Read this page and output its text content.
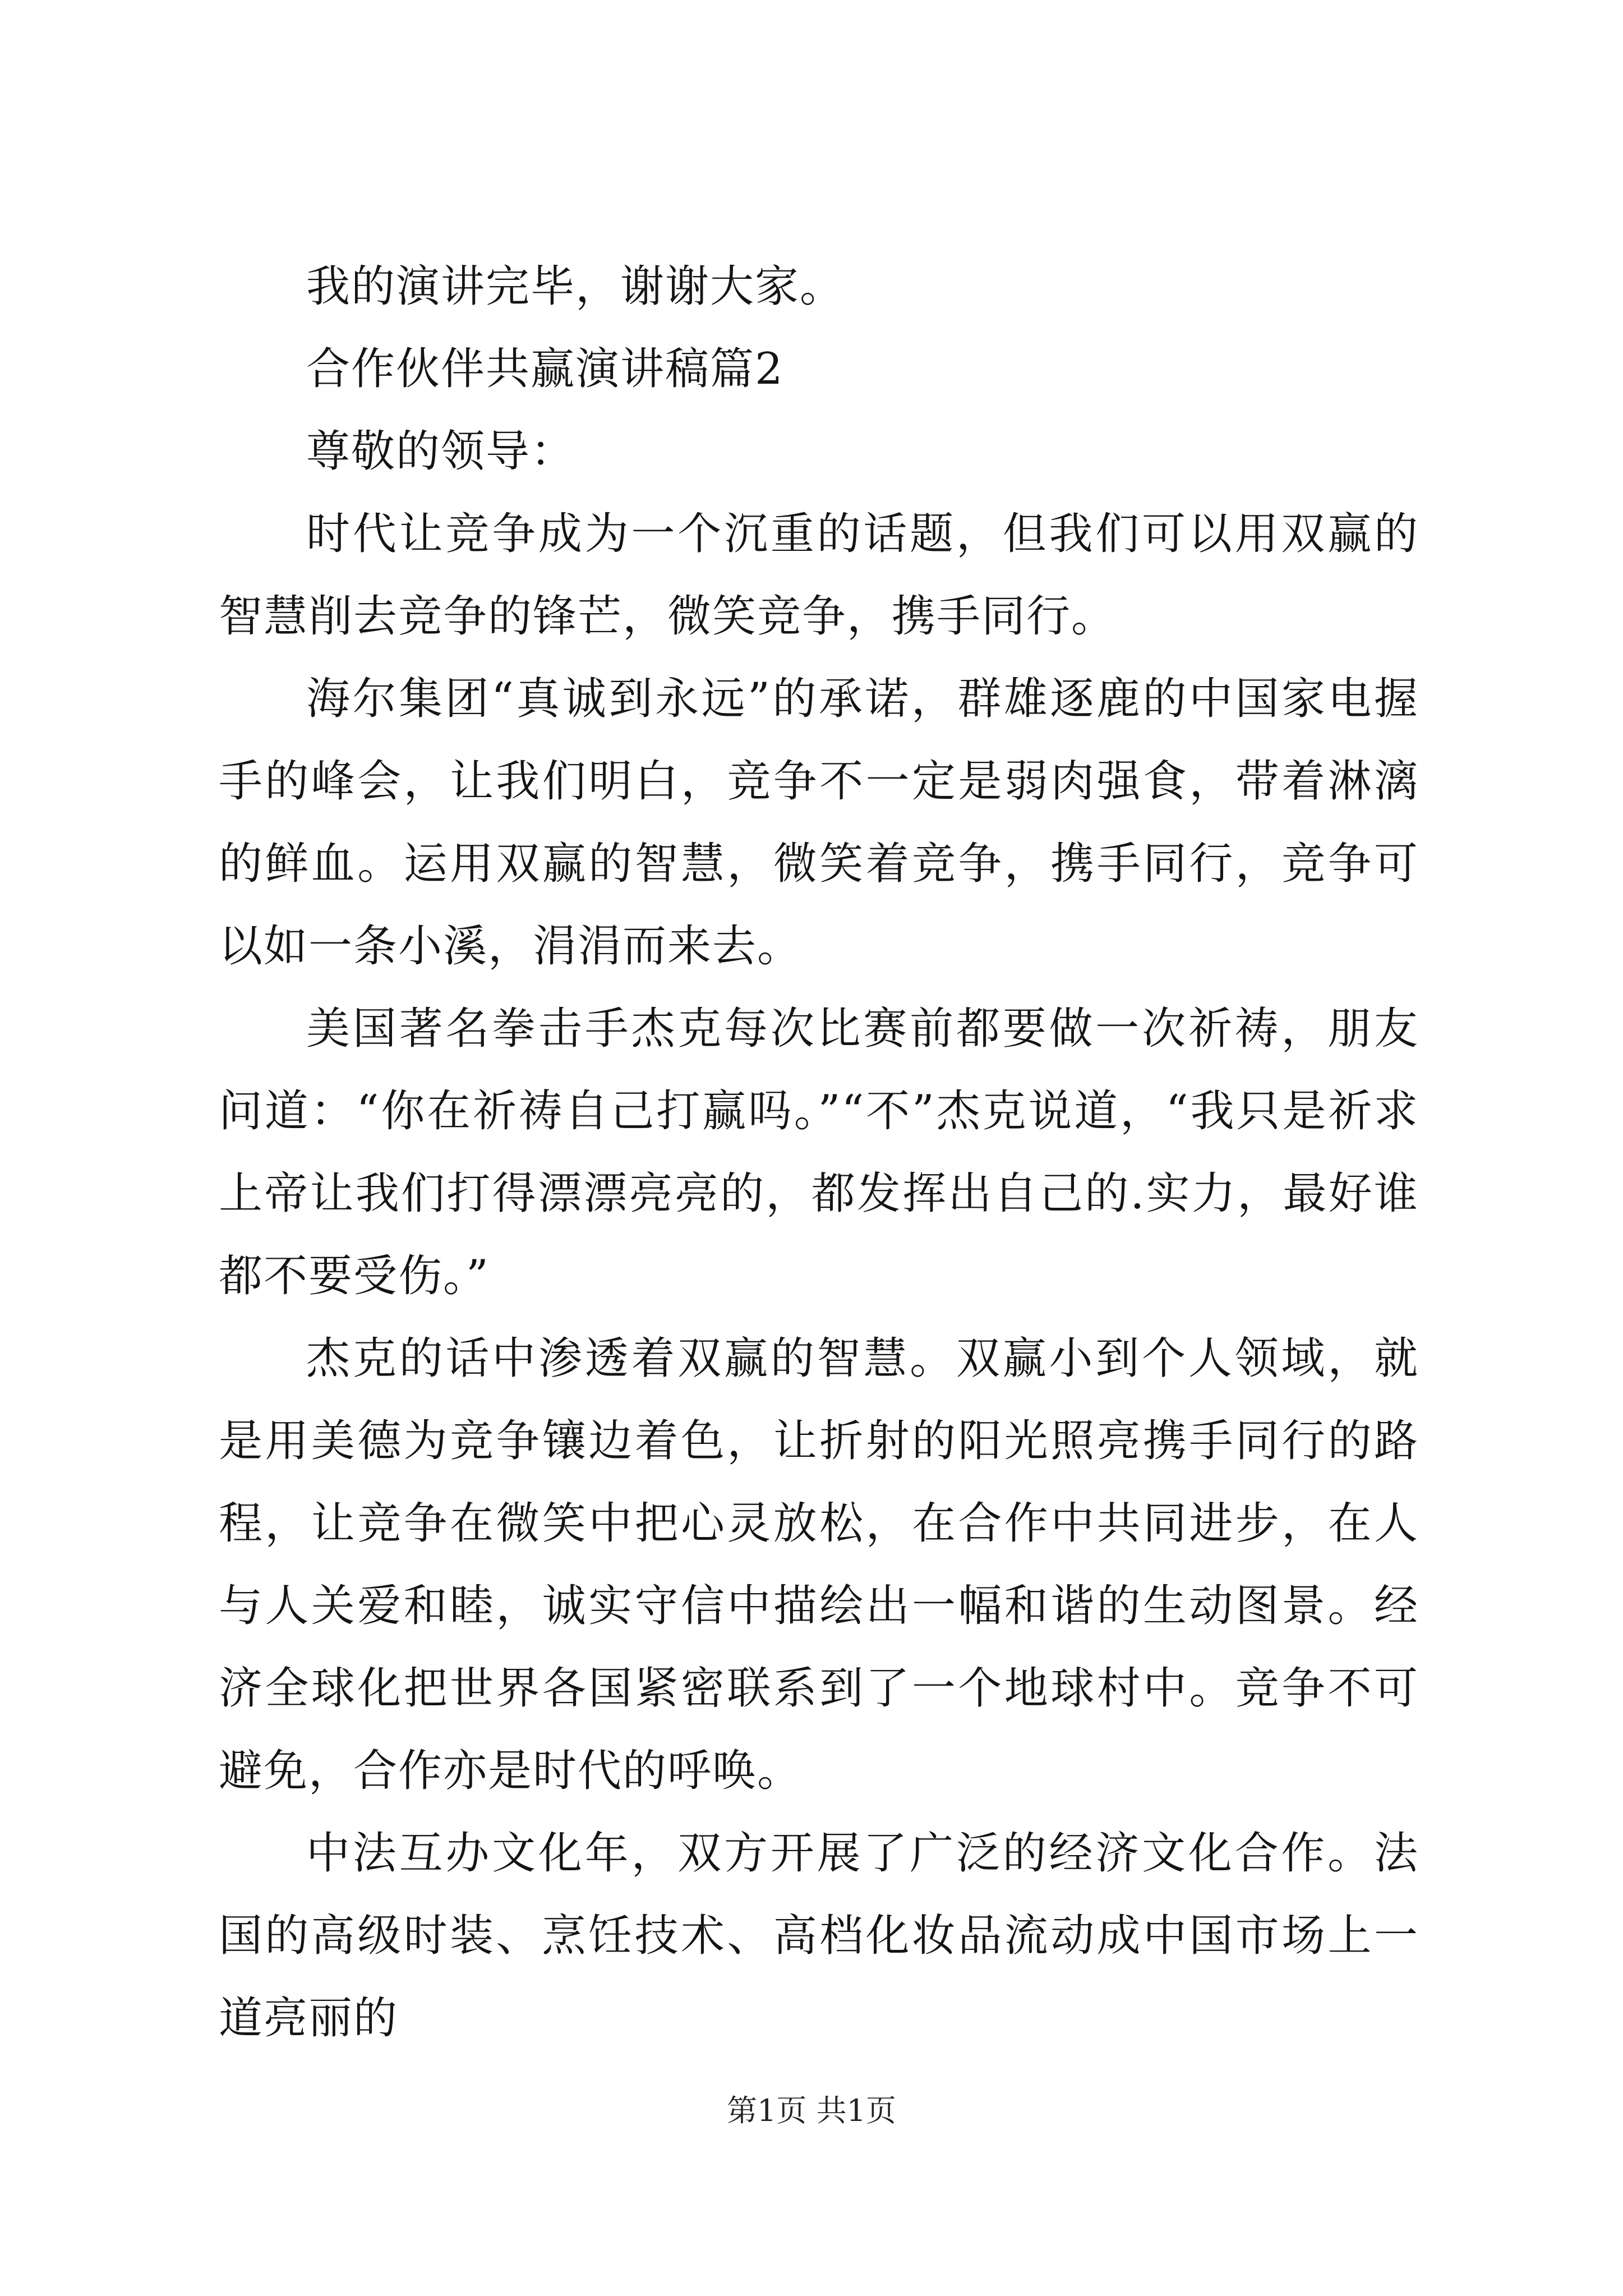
我的演讲完毕，谢谢大家。

合作伙伴共赢演讲稿篇2

尊敬的领导：

时代让竞争成为一个沉重的话题，但我们可以用双赢的智慧削去竞争的锋芒，微笑竞争，携手同行。

海尔集团“真诚到永远”的承诺，群雄逐鹿的中国家电握手的峰会，让我们明白，竞争不一定是弱肉强食，带着淋漓的鲜血。运用双赢的智慧，微笑着竞争，携手同行，竞争可以如一条小溪，涓涓而来去。

美国著名拳击手杰克每次比赛前都要做一次祈祷，朋友问道：“你在祈祷自己打赢吗。”“不”杰克说道，“我只是祈求上帝让我们打得漂漂亮亮的，都发挥出自己的.实力，最好谁都不要受伤。”

杰克的话中渗透着双赢的智慧。双赢小到个人领域，就是用美德为竞争镶边着色，让折射的阳光照亮携手同行的路程，让竞争在微笑中把心灵放松，在合作中共同进步，在人与人关爱和睦，诚实守信中描绘出一幅和谐的生动图景。经济全球化把世界各国紧密联系到了一个地球村中。竞争不可避免，合作亦是时代的呼唤。

中法互办文化年，双方开展了广泛的经济文化合作。法国的高级时装、烹饪技术、高档化妆品流动成中国市场上一道亮丽的

第1页 共1页
